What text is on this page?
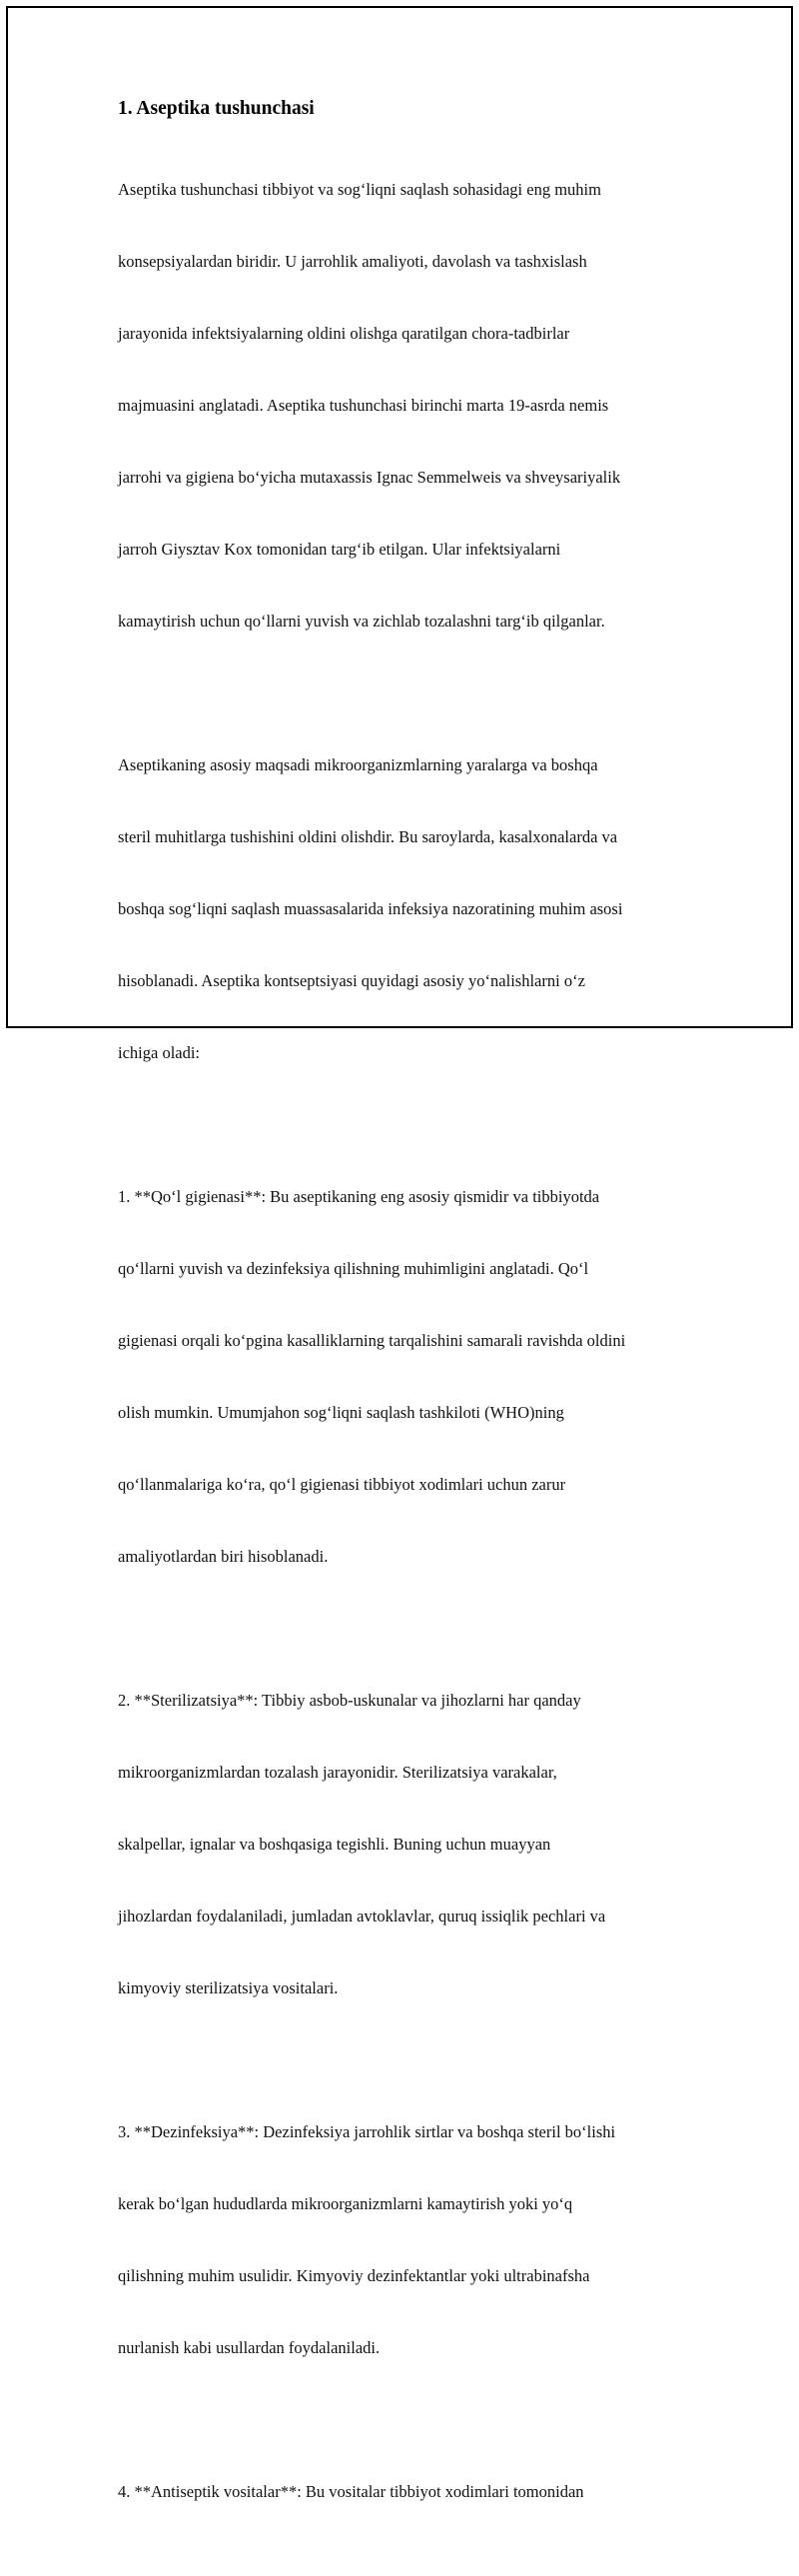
1. Aseptika tushunchasi

Aseptika tushunchasi tibbiyot va sog‘liqni saqlash sohasidagi eng muhim

konsepsiyalardan biridir. U jarrohlik amaliyoti, davolash va tashxislash

jarayonida infektsiyalarning oldini olishga qaratilgan chora-tadbirlar

majmuasini anglatadi. Aseptika tushunchasi birinchi marta 19-asrda nemis

jarrohi va gigiena bo‘yicha mutaxassis Ignac Semmelweis va shveysariyalik

jarroh Giysztav Kox tomonidan targ‘ib etilgan. Ular infektsiyalarni

kamaytirish uchun qo‘llarni yuvish va zichlab tozalashni targ‘ib qilganlar.

Aseptikaning asosiy maqsadi mikroorganizmlarning yaralarga va boshqa

steril muhitlarga tushishini oldini olishdir. Bu saroylarda, kasalxonalarda va

boshqa sog‘liqni saqlash muassasalarida infeksiya nazoratining muhim asosi

hisoblanadi. Aseptika kontseptsiyasi quyidagi asosiy yo‘nalishlarni o‘z

ichiga oladi:

1. **Qo‘l gigienasi**: Bu aseptikaning eng asosiy qismidir va tibbiyotda

qo‘llarni yuvish va dezinfeksiya qilishning muhimligini anglatadi. Qo‘l

gigienasi orqali ko‘pgina kasalliklarning tarqalishini samarali ravishda oldini

olish mumkin. Umumjahon sog‘liqni saqlash tashkiloti (WHO)ning

qo‘llanmalariga ko‘ra, qo‘l gigienasi tibbiyot xodimlari uchun zarur

amaliyotlardan biri hisoblanadi.

2. **Sterilizatsiya**: Tibbiy asbob-uskunalar va jihozlarni har qanday

mikroorganizmlardan tozalash jarayonidir. Sterilizatsiya varakalar,

skalpellar, ignalar va boshqasiga tegishli. Buning uchun muayyan

jihozlardan foydalaniladi, jumladan avtoklavlar, quruq issiqlik pechlari va

kimyoviy sterilizatsiya vositalari.

3. **Dezinfeksiya**: Dezinfeksiya jarrohlik sirtlar va boshqa steril bo‘lishi

kerak bo‘lgan hududlarda mikroorganizmlarni kamaytirish yoki yo‘q

qilishning muhim usulidir. Kimyoviy dezinfektantlar yoki ultrabinafsha

nurlanish kabi usullardan foydalaniladi.

4. **Antiseptik vositalar**: Bu vositalar tibbiyot xodimlari tomonidan
